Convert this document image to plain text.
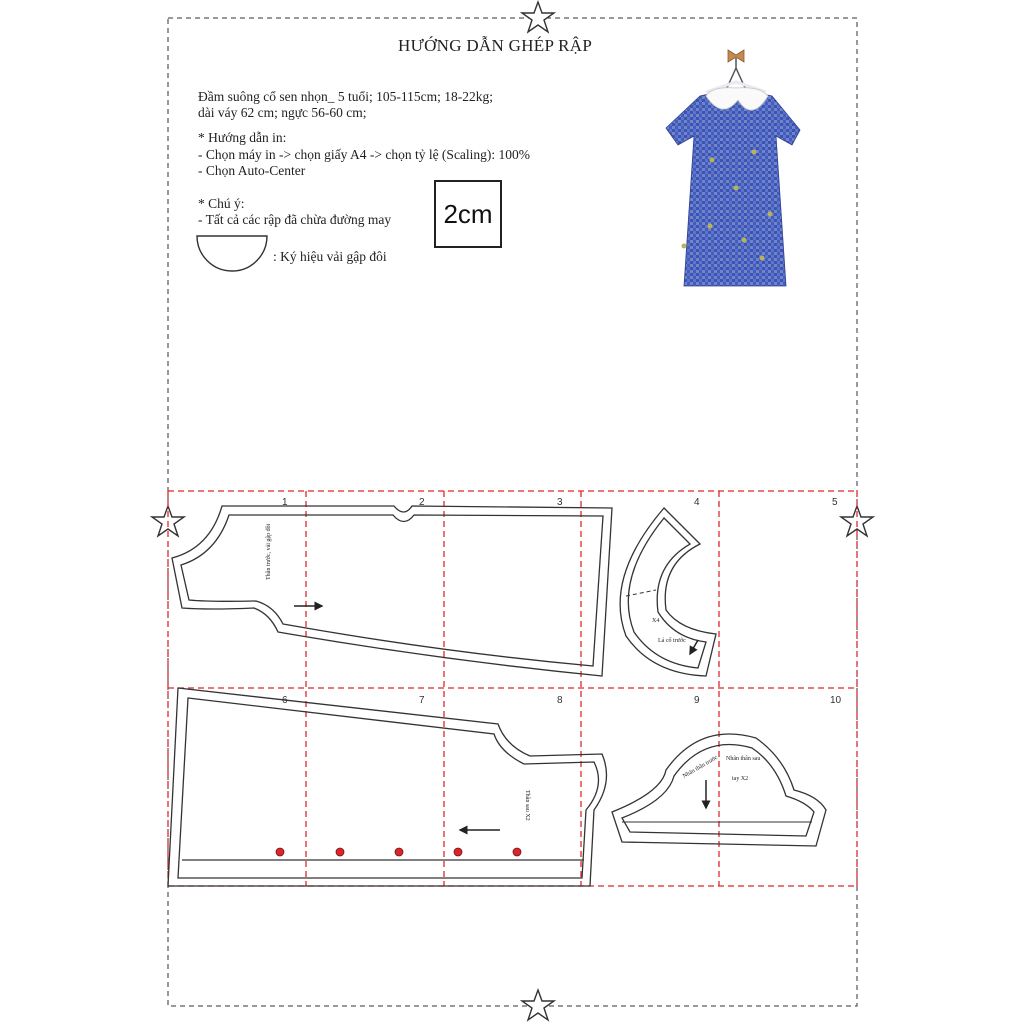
Thân trước, vải gập đôi
X4
Lá cổ trước
Thân sau X2
Nhãn thân trước Nhãn thân sau
tay X2
HƯỚNG DẪN GHÉP RẬP
Đầm suông cổ sen nhọn_ 5 tuổi; 105-115cm; 18-22kg;
dài váy 62 cm; ngực 56-60 cm;
* Hướng dẫn in:
- Chọn máy in -> chọn giấy A4 -> chọn tỷ lệ (Scaling): 100%
- Chọn Auto-Center
* Chú ý:
- Tất cả các rập đã chừa đường may
: Ký hiệu vải gập đôi
2cm
1	2	3	4	5
6	7	8	9	10
